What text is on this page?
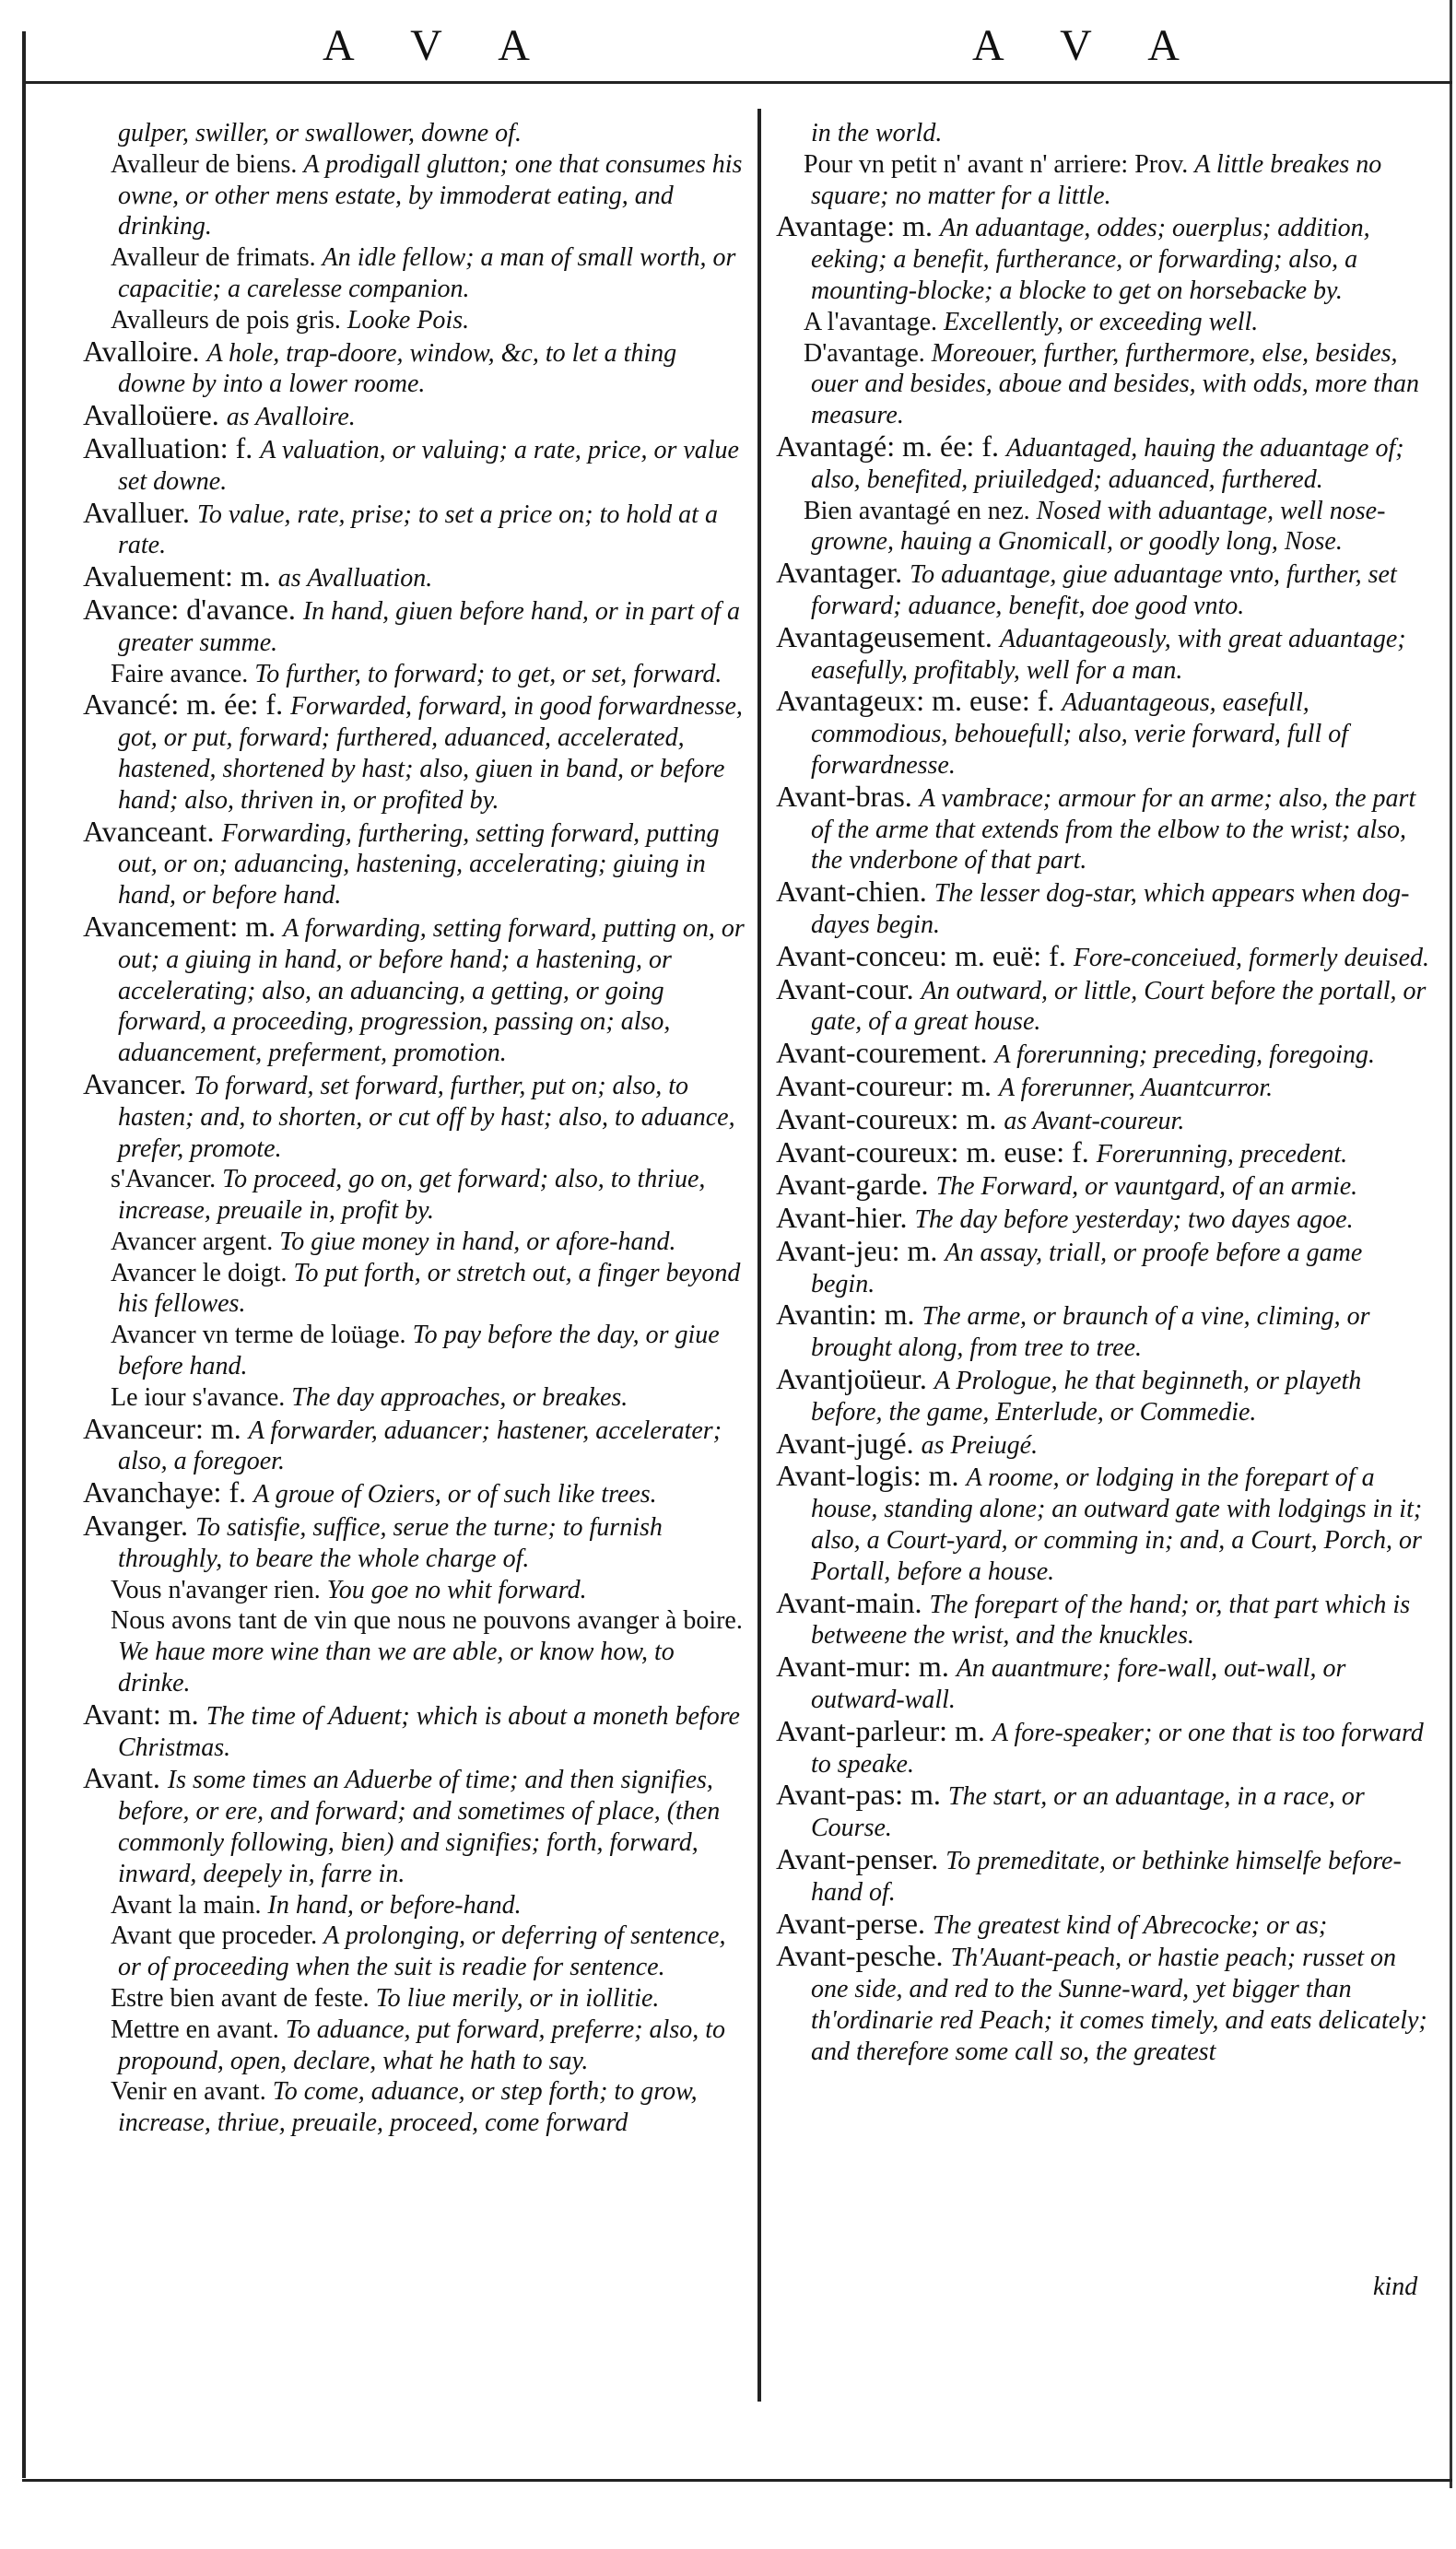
A V A	A V A

gulper, swiller, or swallower, downe of.

Avalleur de biens. A prodigall glutton; one that consumes his owne, or other mens estate, by immoderat eating, and drinking.

Avalleur de frimats. An idle fellow; a man of small worth, or capacitie; a carelesse companion.

Avalleurs de pois gris. Looke Pois.

Avalloire. A hole, trap-doore, window, &c, to let a thing downe by into a lower roome.

Avalloüere. as Avalloire.

Avalluation: f. A valuation, or valuing; a rate, price, or value set downe.

Avalluer. To value, rate, prise; to set a price on; to hold at a rate.

Avaluement: m. as Avalluation.

Avance: d'avance. In hand, giuen before hand, or in part of a greater summe.

Faire avance. To further, to forward; to get, or set, forward.

Avancé: m. ée: f. Forwarded, forward, in good forwardnesse, got, or put, forward; furthered, aduanced, accelerated, hastened, shortened by hast; also, giuen in band, or before hand; also, thriven in, or profited by.

Avanceant. Forwarding, furthering, setting forward, putting out, or on; aduancing, hastening, accelerating; giuing in hand, or before hand.

Avancement: m. A forwarding, setting forward, putting on, or out; a giuing in hand, or before hand; a hastening, or accelerating; also, an aduancing, a getting, or going forward, a proceeding, progression, passing on; also, aduancement, preferment, promotion.

Avancer. To forward, set forward, further, put on; also, to hasten; and, to shorten, or cut off by hast; also, to aduance, prefer, promote.

s'Avancer. To proceed, go on, get forward; also, to thriue, increase, preuaile in, profit by.

Avancer argent. To giue money in hand, or afore-hand.

Avancer le doigt. To put forth, or stretch out, a finger beyond his fellowes.

Avancer vn terme de loüage. To pay before the day, or giue before hand.

Le iour s'avance. The day approaches, or breakes.

Avanceur: m. A forwarder, aduancer; hastener, accelerater; also, a foregoer.

Avanchaye: f. A groue of Oziers, or of such like trees.

Avanger. To satisfie, suffice, serue the turne; to furnish throughly, to beare the whole charge of.

Vous n'avanger rien. You goe no whit forward.

Nous avons tant de vin que nous ne pouvons avanger à boire. We haue more wine than we are able, or know how, to drinke.

Avant: m. The time of Aduent; which is about a moneth before Christmas.

Avant. Is some times an Aduerbe of time; and then signifies, before, or ere, and forward; and sometimes of place, (then commonly following, bien) and signifies; forth, forward, inward, deepely in, farre in.

Avant la main. In hand, or before-hand.

Avant que proceder. A prolonging, or deferring of sentence, or of proceeding when the suit is readie for sentence.

Estre bien avant de feste. To liue merily, or in iollitie.

Mettre en avant. To aduance, put forward, preferre; also, to propound, open, declare, what he hath to say.

Venir en avant. To come, aduance, or step forth; to grow, increase, thriue, preuaile, proceed, come forward

in the world.

Pour vn petit n' avant n' arriere: Prov. A little breakes no square; no matter for a little.

Avantage: m. An aduantage, oddes; ouerplus; addition, eeking; a benefit, furtherance, or forwarding; also, a mounting-blocke; a blocke to get on horsebacke by.

A l'avantage. Excellently, or exceeding well.

D'avantage. Moreouer, further, furthermore, else, besides, ouer and besides, aboue and besides, with odds, more than measure.

Avantagé: m. ée: f. Aduantaged, hauing the aduantage of; also, benefited, priuiledged; aduanced, furthered.

Bien avantagé en nez. Nosed with aduantage, well nose-growne, hauing a Gnomicall, or goodly long, Nose.

Avantager. To aduantage, giue aduantage vnto, further, set forward; aduance, benefit, doe good vnto.

Avantageusement. Aduantageously, with great aduantage; easefully, profitably, well for a man.

Avantageux: m. euse: f. Aduantageous, easefull, commodious, behouefull; also, verie forward, full of forwardnesse.

Avant-bras. A vambrace; armour for an arme; also, the part of the arme that extends from the elbow to the wrist; also, the vnderbone of that part.

Avant-chien. The lesser dog-star, which appears when dog-dayes begin.

Avant-conceu: m. euë: f. Fore-conceiued, formerly deuised.

Avant-cour. An outward, or little, Court before the portall, or gate, of a great house.

Avant-courement. A forerunning; preceding, foregoing.

Avant-coureur: m. A forerunner, Auantcurror.

Avant-coureux: m. as Avant-coureur.

Avant-coureux: m. euse: f. Forerunning, precedent.

Avant-garde. The Forward, or vauntgard, of an armie.

Avant-hier. The day before yesterday; two dayes agoe.

Avant-jeu: m. An assay, triall, or proofe before a game begin.

Avantin: m. The arme, or braunch of a vine, climing, or brought along, from tree to tree.

Avantjoüeur. A Prologue, he that beginneth, or playeth before, the game, Enterlude, or Commedie.

Avant-jugé. as Preiugé.

Avant-logis: m. A roome, or lodging in the forepart of a house, standing alone; an outward gate with lodgings in it; also, a Court-yard, or comming in; and, a Court, Porch, or Portall, before a house.

Avant-main. The forepart of the hand; or, that part which is betweene the wrist, and the knuckles.

Avant-mur: m. An auantmure; fore-wall, out-wall, or outward-wall.

Avant-parleur: m. A fore-speaker; or one that is too forward to speake.

Avant-pas: m. The start, or an aduantage, in a race, or Course.

Avant-penser. To premeditate, or bethinke himselfe before-hand of.

Avant-perse. The greatest kind of Abrecocke; or as;

Avant-pesche. Th'Auant-peach, or hastie peach; russet on one side, and red to the Sunne-ward, yet bigger than th'ordinarie red Peach; it comes timely, and eats delicately; and therefore some call so, the greatest

kind
